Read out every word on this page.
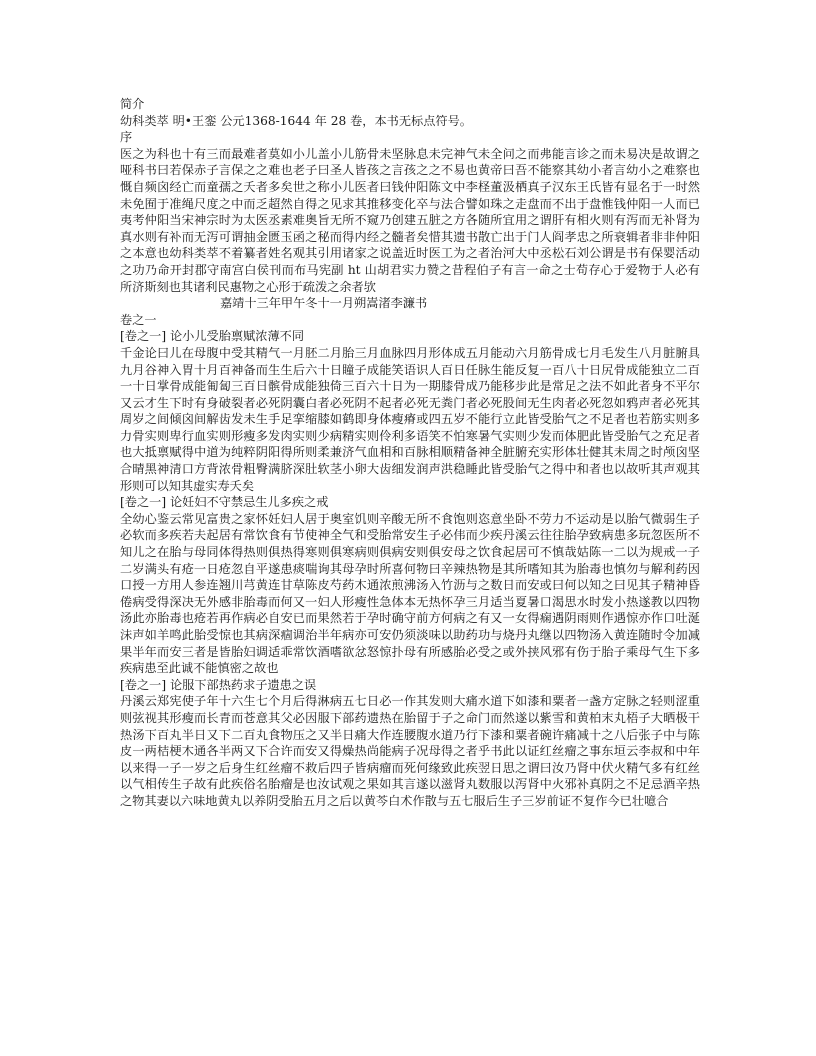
简介
幼科类萃 明•王銮 公元1368-1644 年 28 卷，本书无标点符号。
序
医之为科也十有三而最难者莫如小儿盖小儿筋骨未坚脉息未完神气未全问之而弗能言诊之而未易决是故谓之哑科书曰若保赤子言保之之难也老子曰圣人皆孩之言孩之之不易也黄帝曰吾不能察其幼小者言幼小之难察也慨自频囟经亡而童孺之夭者多矣世之称小儿医者曰钱仲阳陈文中李柽董汲栖真子汉东王氏皆有显名于一时然未免囿于准绳尺度之中而乏超然自得之见求其推移变化卒与法合譬如珠之走盘而不出于盘惟钱仲阳一人而已夷考仲阳当宋神宗时为太医丞素难奥旨无所不窥乃创建五脏之方各随所宜用之谓肝有相火则有泻而无补肾为真水则有补而无泻可谓抽金匮玉函之秘而得内经之髓者矣惜其遗书散亡出于门人阎孝忠之所衰辑者非非仲阳之本意也幼科类萃不着纂者姓名观其引用诸家之说盖近时医工为之者治河大中丞松石刘公谓是书有保婴活动之功乃命开封郡守南宫白侯刊而布马宪副 ht 山胡君实力赞之昔程伯子有言一命之士苟存心于爱物于人必有所济斯刻也其诸利民惠物之心形于疏泼之余者欤
嘉靖十三年甲午冬十一月朔嵩渚李濂书
卷之一
[卷之一] 论小儿受胎禀赋浓薄不同
千金论曰儿在母腹中受其精气一月胚二月胎三月血脉四月形体成五月能动六月筋骨成七月毛发生八月脏腑具九月谷神入胃十月百神备而生生后六十日瞳子成能笑语识人百日任脉生能反复一百八十日尻骨成能独立二百一十日掌骨成能匍匐三百日髌骨成能独倚三百六十日为一期膝骨成乃能移步此是常足之法不如此者身不平尔又云才生下时有身破裂者必死阴囊白者必死阴不起者必死无粪门者必死股间无生肉者必死忽如鸦声者必死其周岁之间倾囟间解齿发未生手足挛缩膝如鹤即身体瘦瘠或四五岁不能行立此皆受胎气之不足者也若筋实则多力骨实则卑行血实则形瘦多发肉实则少病精实则伶利多语笑不怕寒暑气实则少发而体肥此皆受胎气之充足者也大抵禀赋得中道为纯粹阴阳得所则柔兼济气血相和百脉相顺精备神全脏腑充实形体壮健其未周之时颅囟坚合晴黑神清口方背浓骨粗臀满脐深肚软茎小卵大齿细发润声洪稳睡此皆受胎气之得中和者也以故听其声观其形则可以知其虚实寿夭矣
[卷之一] 论妊妇不守禁忌生儿多疾之戒
全幼心鉴云常见富贵之家怀妊妇人居于奥室饥则辛酸无所不食饱则恣意坐卧不劳力不运动是以胎气微弱生子必软而多疾若夫起居有常饮食有节使神全气和受胎常安生子必伟而少疾丹溪云往往胎孕致病患多玩忽医所不知儿之在胎与母同体得热则俱热得寒则俱寒病则俱病安则俱安母之饮食起居可不慎哉姑陈一二以为规戒一子二岁满头有疮一日疮忽自平遂患痰喘询其母孕时所喜何物曰辛辣热物是其所嗜知其为胎毒也慎勿与解利药因口授一方用人参连翘川芎黄连甘草陈皮芍药木通浓煎沸汤入竹沥与之数日而安或曰何以知之曰见其子精神昏倦病受得深决无外感非胎毒而何又一妇人形瘦性急体本无热怀孕三月适当夏暑口渴思水时发小热遂教以四物汤此亦胎毒也疮若再作病必自安已而果然若于孕时确守前方何病之有又一女得痫遇阴雨则作遇惊亦作口吐涎沫声如羊鸣此胎受惊也其病深痼调治半年病亦可安仍须淡味以助药功与烧丹丸继以四物汤入黄连随时令加减果半年而安三者是皆胎妇调适乖常饮酒嗜欲忿怒惊扑母有所感胎必受之或外挟风邪有伤于胎子乘母气生下多疾病患至此诚不能慎密之故也
[卷之一] 论服下部热药求子遗患之误
丹溪云郑宪使子年十六生七个月后得淋病五七日必一作其发则大痛水道下如漆和粟者一盏方定脉之轻则涩重则弦视其形瘦而长青而苍意其父必因服下部药遗热在胎留于子之命门而然遂以紫雪和黄柏末丸梧子大晒极干热汤下百丸半日又下二百丸食物压之又半日痛大作连腰腹水道乃行下漆和粟者碗许痛减十之八后张子中与陈皮一两桔梗木通各半两又下合许而安又得燥热尚能病子况母得之者乎书此以证红丝瘤之事东垣云李叔和中年以来得一子一岁之后身生红丝瘤不救后四子皆病瘤而死何缘致此疾翌日思之谓曰汝乃肾中伏火精气多有红丝以气相传生子故有此疾俗名胎瘤是也汝试观之果如其言遂以滋肾丸数服以泻肾中火邪补真阴之不足忌酒辛热之物其妻以六味地黄丸以养阴受胎五月之后以黄芩白术作散与五七服后生子三岁前证不复作今已壮噫合
